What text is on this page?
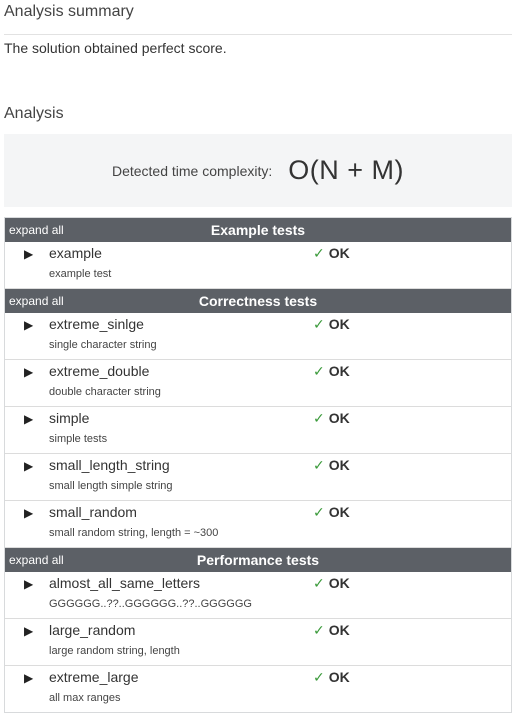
Analysis summary
The solution obtained perfect score.
Analysis
Detected time complexity: O(N + M)
expand all	Example tests
▶ example
example test
✓ OK
expand all	Correctness tests
▶ extreme_sinlge
single character string
✓ OK
▶ extreme_double
double character string
✓ OK
▶ simple
simple tests
✓ OK
▶ small_length_string
small length simple string
✓ OK
▶ small_random
small random string, length = ~300
✓ OK
expand all	Performance tests
▶ almost_all_same_letters
GGGGGG..??..GGGGGG..??..GGGGGG
✓ OK
▶ large_random
large random string, length
✓ OK
▶ extreme_large
all max ranges
✓ OK
